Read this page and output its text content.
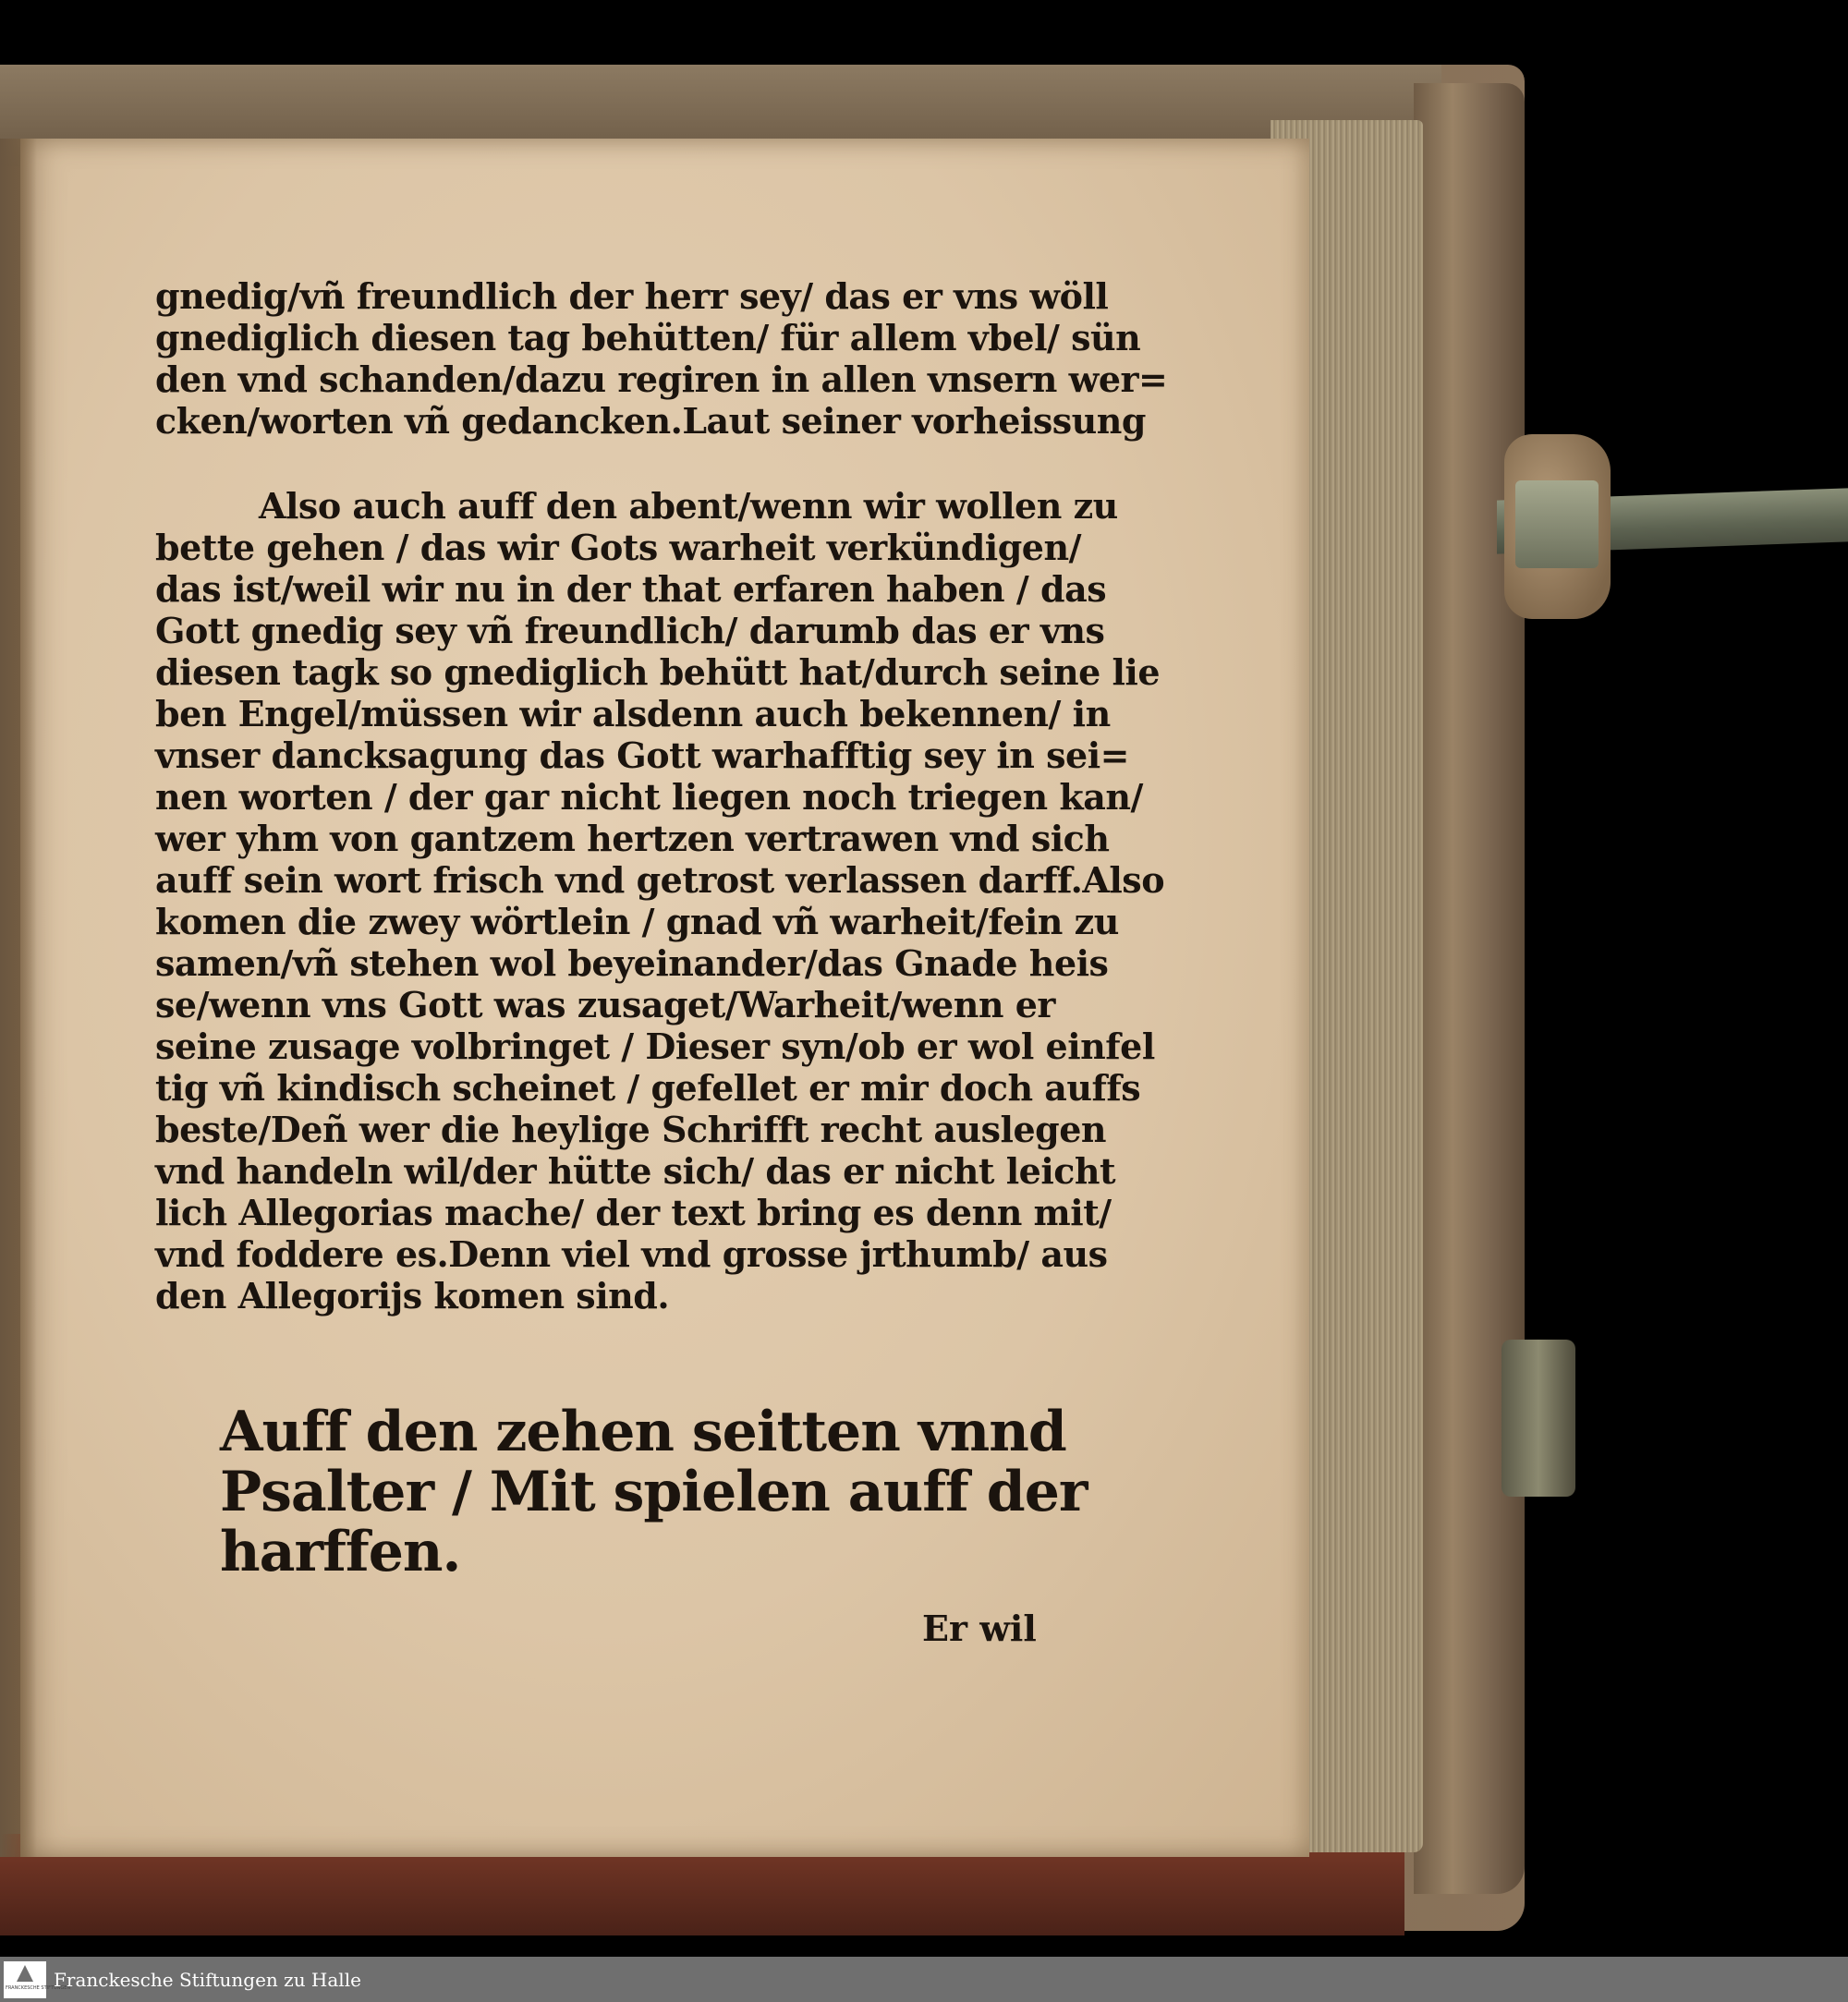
gnedig/vñ freundlich der herr sey/ das er vns wöll
gnediglich diesen tag behütten/ für allem vbel/ sün
den vnd schanden/dazu regiren in allen vnsern wer=
cken/worten vñ gedancken.Laut seiner vorheissung
Also auch auff den abent/wenn wir wollen zu
bette gehen / das wir Gots warheit verkündigen/
das ist/weil wir nu in der that erfaren haben / das
Gott gnedig sey vñ freundlich/ darumb das er vns
diesen tagk so gnediglich behütt hat/durch seine lie
ben Engel/müssen wir alsdenn auch bekennen/ in
vnser dancksagung das Gott warhafftig sey in sei=
nen worten / der gar nicht liegen noch triegen kan/
wer yhm von gantzem hertzen vertrawen vnd sich
auff sein wort frisch vnd getrost verlassen darff.Also
komen die zwey wörtlein / gnad vñ warheit/fein zu
samen/vñ stehen wol beyeinander/das Gnade heis
se/wenn vns Gott was zusaget/Warheit/wenn er
seine zusage volbringet / Dieser syn/ob er wol einfel
tig vñ kindisch scheinet / gefellet er mir doch auffs
beste/Deñ wer die heylige Schrifft recht auslegen
vnd handeln wil/der hütte sich/ das er nicht leicht
lich Allegorias mache/ der text bring es denn mit/
vnd foddere es.Denn viel vnd grosse jrthumb/ aus
den Allegorijs komen sind.
Auff den zehen seitten vnnd
Psalter / Mit spielen auff der
harffen.
Er wil
FRANCKESCHE STIFTUNGEN
Franckesche Stiftungen zu Halle
